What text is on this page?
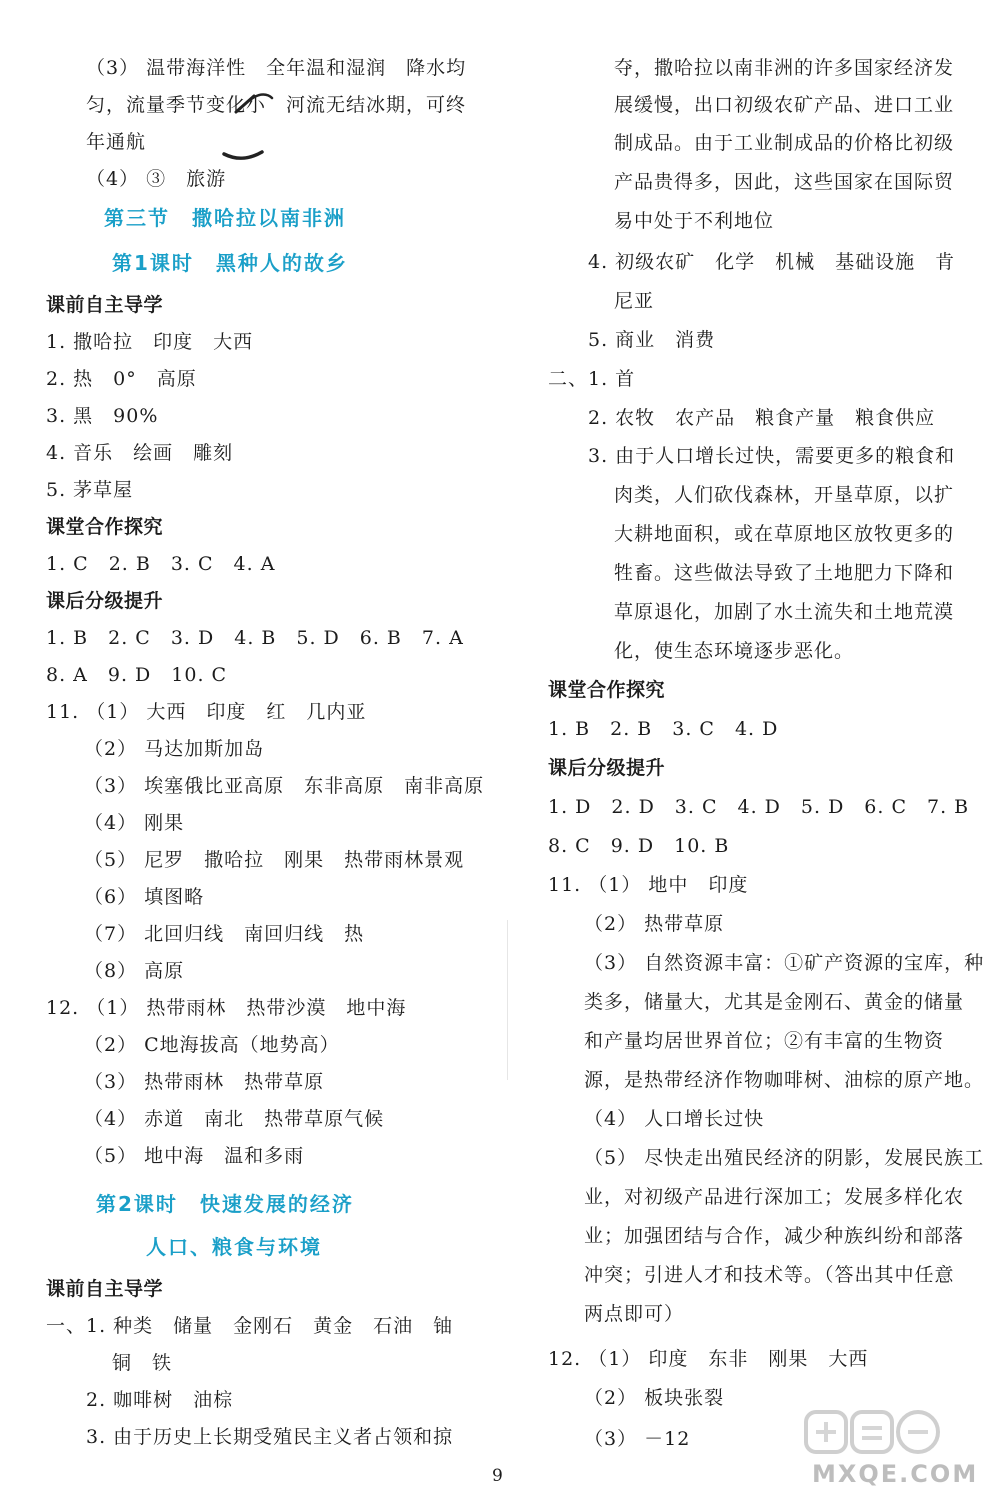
（3） 温带海洋性　全年温和湿润　降水均
匀，流量季节变化小　河流无结冰期，可终
年通航
（4） ③　旅游
1. 撒哈拉　印度　大西
2. 热　0°　高原
3. 黑　90%
4. 音乐　绘画　雕刻
5. 茅草屋
1. C　2. B　3. C　4. A
1. B　2. C　3. D　4. B　5. D　6. B　7. A
8. A　9. D　10. C
11. （1） 大西　印度　红　几内亚
（2） 马达加斯加岛
（3） 埃塞俄比亚高原　东非高原　南非高原
（4） 刚果
（5） 尼罗　撒哈拉　刚果　热带雨林景观
（6） 填图略
（7） 北回归线　南回归线　热
（8） 高原
12. （1） 热带雨林　热带沙漠　地中海
（2） C地海拔高（地势高）
（3） 热带雨林　热带草原
（4） 赤道　南北　热带草原气候
（5） 地中海　温和多雨
一、1. 种类　储量　金刚石　黄金　石油　铀
铜　铁
2. 咖啡树　油棕
3. 由于历史上长期受殖民主义者占领和掠
课前自主导学
课堂合作探究
课后分级提升
课前自主导学
第三节　撒哈拉以南非洲
第1课时　黑种人的故乡
第2课时　快速发展的经济
人口、粮食与环境
夺，撒哈拉以南非洲的许多国家经济发
展缓慢，出口初级农矿产品、进口工业
制成品。由于工业制成品的价格比初级
产品贵得多，因此，这些国家在国际贸
易中处于不利地位
4. 初级农矿　化学　机械　基础设施　肯
尼亚
5. 商业　消费
二、1. 首
2. 农牧　农产品　粮食产量　粮食供应
3. 由于人口增长过快，需要更多的粮食和
肉类，人们砍伐森林，开垦草原，以扩
大耕地面积，或在草原地区放牧更多的
牲畜。这些做法导致了土地肥力下降和
草原退化，加剧了水土流失和土地荒漠
化，使生态环境逐步恶化。
1. B　2. B　3. C　4. D
1. D　2. D　3. C　4. D　5. D　6. C　7. B
8. C　9. D　10. B
11. （1） 地中　印度
（2） 热带草原
（3） 自然资源丰富：①矿产资源的宝库，种
类多，储量大，尤其是金刚石、黄金的储量
和产量均居世界首位；②有丰富的生物资
源，是热带经济作物咖啡树、油棕的原产地。
（4） 人口增长过快
（5） 尽快走出殖民经济的阴影，发展民族工
业，对初级产品进行深加工；发展多样化农
业；加强团结与合作，减少种族纠纷和部落
冲突；引进人才和技术等。（答出其中任意
两点即可）
12. （1） 印度　东非　刚果　大西
（2） 板块张裂
（3） －12
课堂合作探究
课后分级提升
9	MXQE.COM
